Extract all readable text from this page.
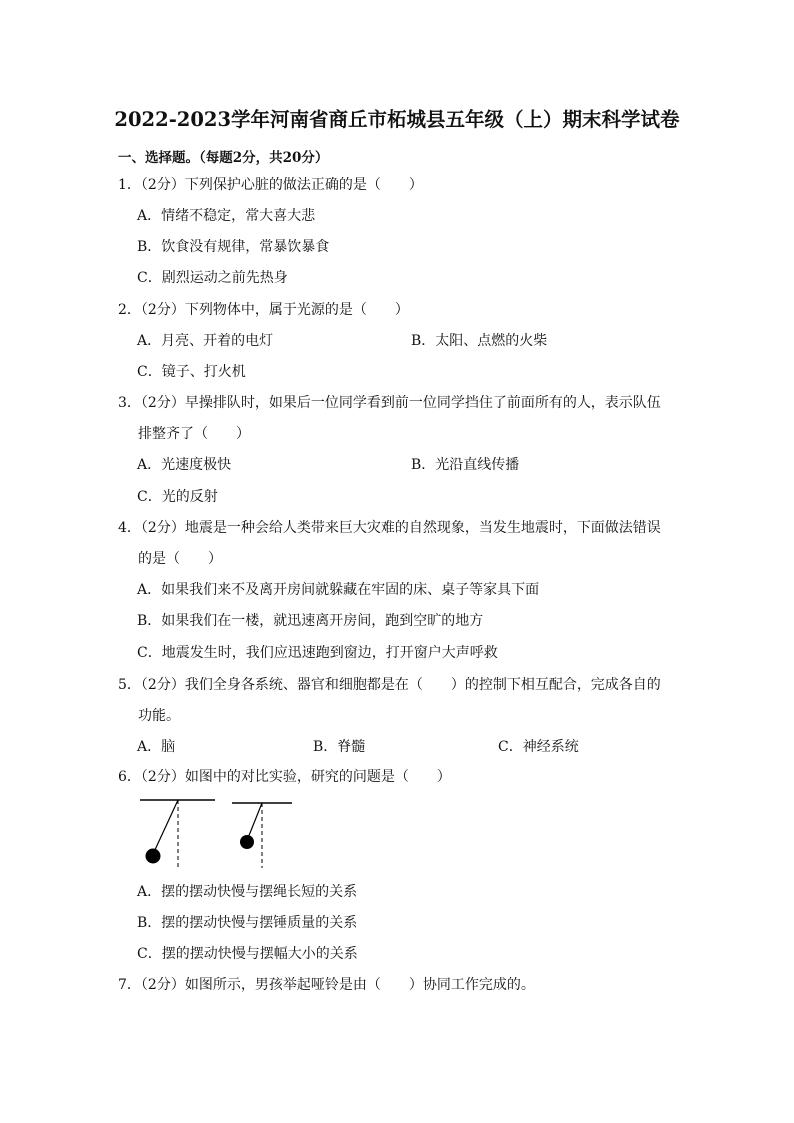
2022-2023学年河南省商丘市柘城县五年级（上）期末科学试卷
一、选择题。（每题2分，共20分）
1．（2分）下列保护心脏的做法正确的是（　　）
A．情绪不稳定，常大喜大悲
B．饮食没有规律，常暴饮暴食
C．剧烈运动之前先热身
2．（2分）下列物体中，属于光源的是（　　）
A．月亮、开着的电灯	B．太阳、点燃的火柴
C．镜子、打火机
3．（2分）早操排队时，如果后一位同学看到前一位同学挡住了前面所有的人，表示队伍
排整齐了（　　）
A．光速度极快	B．光沿直线传播
C．光的反射
4．（2分）地震是一种会给人类带来巨大灾难的自然现象，当发生地震时，下面做法错误
的是（　　）
A．如果我们来不及离开房间就躲藏在牢固的床、桌子等家具下面
B．如果我们在一楼，就迅速离开房间，跑到空旷的地方
C．地震发生时，我们应迅速跑到窗边，打开窗户大声呼救
5．（2分）我们全身各系统、器官和细胞都是在（　　）的控制下相互配合，完成各自的
功能。
A．脑	B．脊髓	C．神经系统
6．（2分）如图中的对比实验，研究的问题是（　　）
A．摆的摆动快慢与摆绳长短的关系
B．摆的摆动快慢与摆锤质量的关系
C．摆的摆动快慢与摆幅大小的关系
7．（2分）如图所示，男孩举起哑铃是由（　　）协同工作完成的。
